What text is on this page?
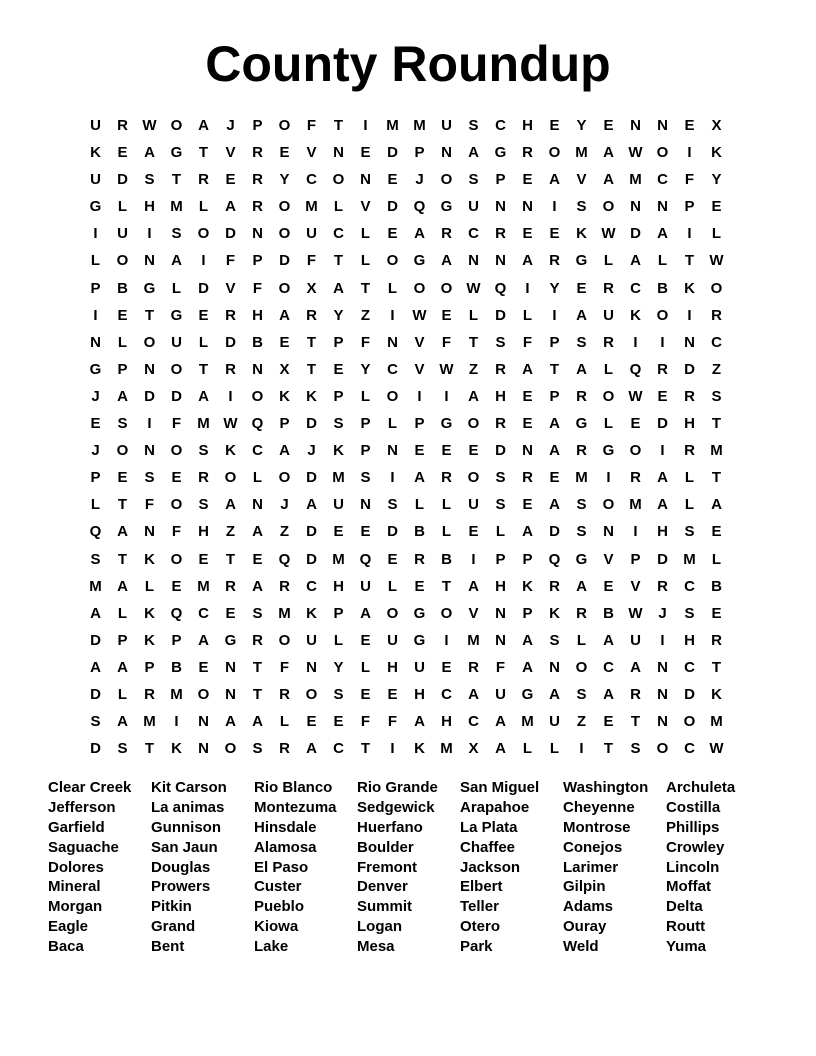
County Roundup
U	R W O	A	J	P	O	F	T	I	M M	U	S	C	H	E	Y	E	N	N	E	X
K	E	A	G	T	V	R	E	V	N	E	D	P	N	A	G	R	O M	A W O	I	K
U	D	S	T	R	E	R	Y	C	O	N	E	J	O	S	P	E	A	V	A	M	C	F	Y
G	L	H	M	L	A	R	O M	L	V	D	Q	G	U	N	N	I	S	O	N	N	P	E
I	U	I	S	O	D	N	O	U	C	L	E	A	R	C	R	E	E	K W D	A	I	L
L	O	N	A	I	F	P	D	F	T	L	O	G	A	N	N	A	R	G	L	A	L	T	W
P	B	G	L	D	V	F	O	X	A	T	L	O	O W Q	I	Y	E	R	C	B	K	O
I	E	T	G	E	R	H	A	R	Y	Z	I	W E	L	D	L	I	A	U	K	O	I	R
N	L	O	U	L	D	B	E	T	P	F	N	V	F	T	S	F	P	S	R	I	I	N	C
G	P	N	O	T	R	N	X	T	E	Y	C	V W	Z	R	A	T	A	L	Q	R	D	Z
J	A	D	D	A	I	O	K	K	P	L	O	I	I	A	H	E	P	R	O W E	R	S
E	S	I	F	M W Q	P	D	S	P	L	P	G	O	R	E	A	G	L	E	D	H	T
J	O	N	O	S	K	C	A	J	K	P	N	E	E	E	D	N	A	R	G	O	I	R	M
P	E	S	E	R	O	L	O	D	M	S	I	A	R	O	S	R	E	M	I	R	A	L	T
L	T	F	O	S	A	N	J	A	U	N	S	L	L	U	S	E	A	S	O M	A	L	A
Q	A	N	F	H	Z	A	Z	D	E	E	D	B	L	E	L	A	D	S	N	I	H	S	E
S	T	K	O	E	T	E	Q	D	M Q	E	R	B	I	P	P	Q	G	V	P	D	M	L
M	A	L	E	M	R	A	R	C	H	U	L	E	T	A	H	K	R	A	E	V	R	C	B
A	L	K	Q	C	E	S	M	K	P	A	O	G	O	V	N	P	K	R	B W	J	S	E
D	P	K	P	A	G	R	O	U	L	E	U	G	I	M	N	A	S	L	A	U	I	H	R
A	A	P	B	E	N	T	F	N	Y	L	H	U	E	R	F	A	N	O	C	A	N	C	T
D	L	R	M O	N	T	R	O	S	E	E	H	C	A	U	G	A	S	A	R	N	D	K
S	A	M	I	N	A	A	L	E	E	F	F	A	H	C	A	M	U	Z	E	T	N	O M
D	S	T	K	N	O	S	R	A	C	T	I	K	M	X	A	L	L	I	T	S	O	C W
Clear Creek	Kit Carson	Rio Blanco	Rio Grande	San Miguel	Washington	Archuleta
Jefferson	La animas	Montezuma	Sedgewick	Arapahoe	Cheyenne	Costilla
Garfield	Gunnison	Hinsdale	Huerfano	La Plata	Montrose	Phillips
Saguache	San Jaun	Alamosa	Boulder	Chaffee	Conejos	Crowley
Dolores	Douglas	El Paso	Fremont	Jackson	Larimer	Lincoln
Mineral	Prowers	Custer	Denver	Elbert	Gilpin	Moffat
Morgan	Pitkin	Pueblo	Summit	Teller	Adams	Delta
Eagle	Grand	Kiowa	Logan	Otero	Ouray	Routt
Baca	Bent	Lake	Mesa	Park	Weld	Yuma
